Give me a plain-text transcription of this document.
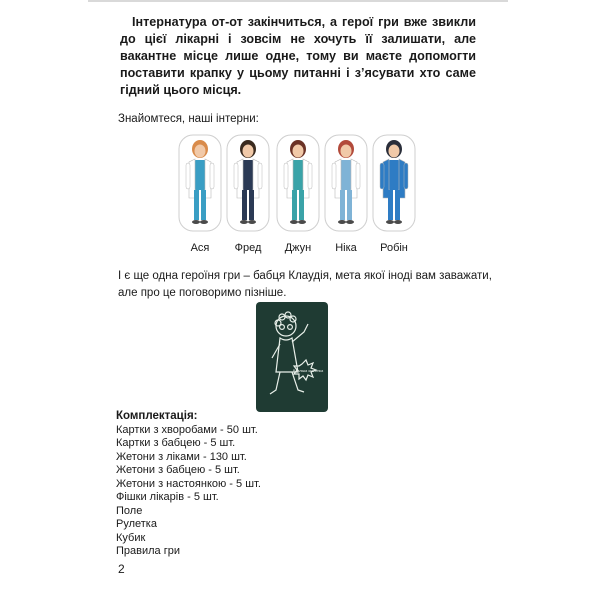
Інтернатура от-от закінчиться, а герої гри вже звикли до цієї лікарні і зовсім не хочуть її залишати, але вакантне місце лише одне, тому ви маєте допомогти поставити крапку у цьому питанні і з’ясувати хто саме гідний цього місця.
Знайомтеся, наші інтерни:
Ася	Фред	Джун	Ніка	Робін
І є ще одна героїня гри – бабця Клаудія, мета якої іноді вам заважати, але про це поговоримо пізніше.
В галька заклепка
Комплектація:
Картки з хворобами - 50 шт.
Картки з бабцею - 5 шт.
Жетони з ліками - 130 шт.
Жетони з бабцею - 5 шт.
Жетони з настоянкою - 5 шт.
Фішки лікарів - 5 шт.
Поле
Рулетка
Кубик
Правила гри
2
